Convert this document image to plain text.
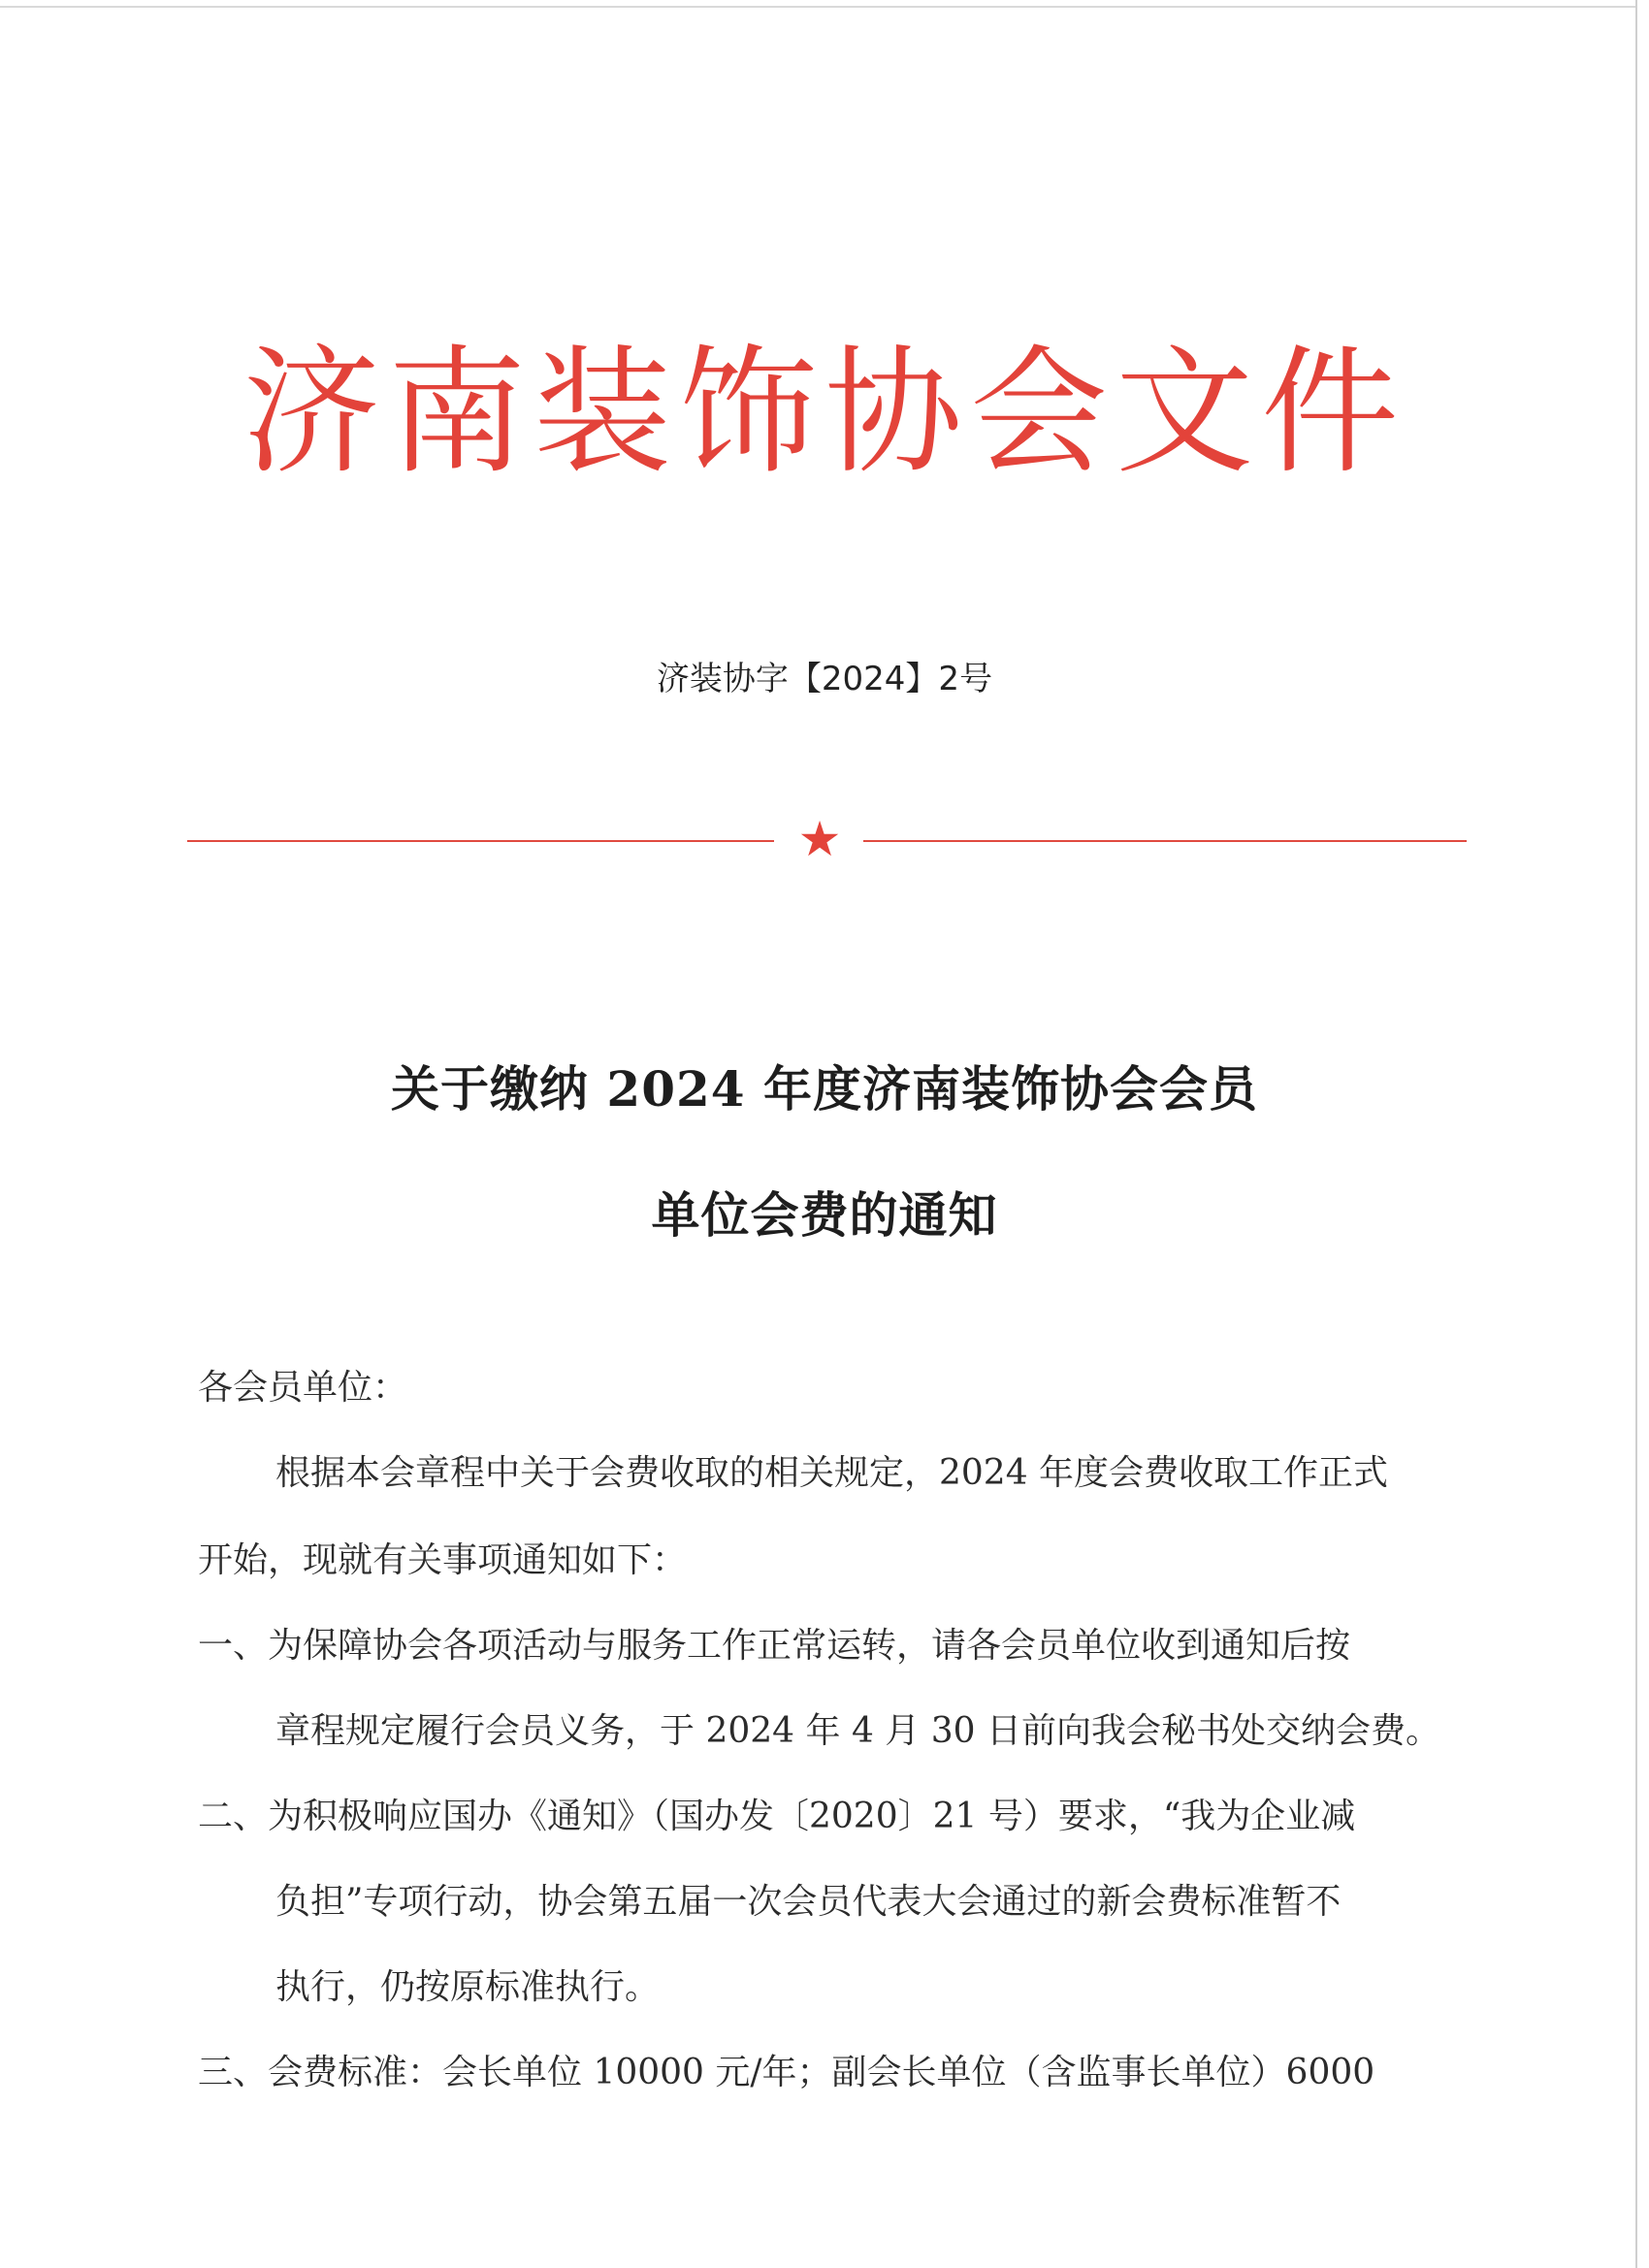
济南装饰协会文件
济装协字【2024】2号
★
关于缴纳 2024 年度济南装饰协会会员
单位会费的通知
各会员单位：
根据本会章程中关于会费收取的相关规定，2024 年度会费收取工作正式
开始，现就有关事项通知如下：
一、为保障协会各项活动与服务工作正常运转，请各会员单位收到通知后按
章程规定履行会员义务，于 2024 年 4 月 30 日前向我会秘书处交纳会费。
二、为积极响应国办《通知》（国办发〔2020〕21 号）要求，“我为企业减
负担”专项行动，协会第五届一次会员代表大会通过的新会费标准暂不
执行，仍按原标准执行。
三、会费标准：会长单位 10000 元/年；副会长单位（含监事长单位）6000
